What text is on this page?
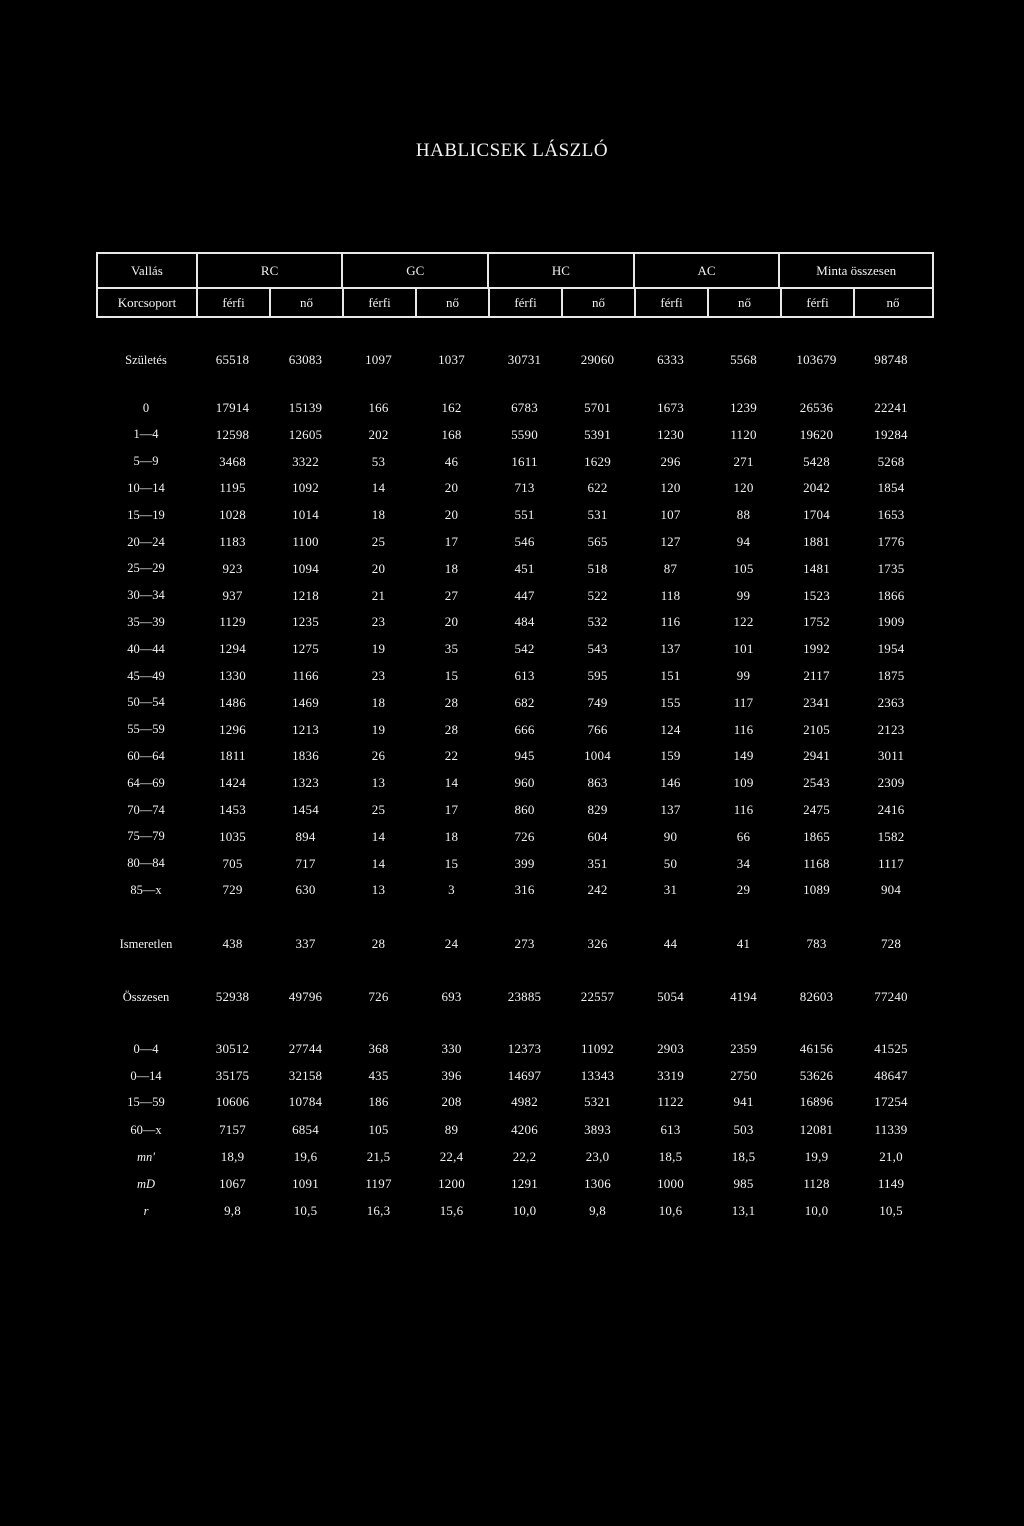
HABLICSEK LÁSZLÓ
Vallás	RC	GC	HC	AC	Minta összesen
Korcsoport	férfi	nő	férfi	nő	férfi	nő	férfi	nő	férfi	nő
Születés	65518	63083	1097	1037	30731	29060	6333	5568	103679	98748
0	17914	15139	166	162	6783	5701	1673	1239	26536	22241
1—4	12598	12605	202	168	5590	5391	1230	1120	19620	19284
5—9	3468	3322	53	46	1611	1629	296	271	5428	5268
10—14	1195	1092	14	20	713	622	120	120	2042	1854
15—19	1028	1014	18	20	551	531	107	88	1704	1653
20—24	1183	1100	25	17	546	565	127	94	1881	1776
25—29	923	1094	20	18	451	518	87	105	1481	1735
30—34	937	1218	21	27	447	522	118	99	1523	1866
35—39	1129	1235	23	20	484	532	116	122	1752	1909
40—44	1294	1275	19	35	542	543	137	101	1992	1954
45—49	1330	1166	23	15	613	595	151	99	2117	1875
50—54	1486	1469	18	28	682	749	155	117	2341	2363
55—59	1296	1213	19	28	666	766	124	116	2105	2123
60—64	1811	1836	26	22	945	1004	159	149	2941	3011
64—69	1424	1323	13	14	960	863	146	109	2543	2309
70—74	1453	1454	25	17	860	829	137	116	2475	2416
75—79	1035	894	14	18	726	604	90	66	1865	1582
80—84	705	717	14	15	399	351	50	34	1168	1117
85—x	729	630	13	3	316	242	31	29	1089	904
Ismeretlen	438	337	28	24	273	326	44	41	783	728
Összesen	52938	49796	726	693	23885	22557	5054	4194	82603	77240
0—4	30512	27744	368	330	12373	11092	2903	2359	46156	41525
0—14	35175	32158	435	396	14697	13343	3319	2750	53626	48647
15—59	10606	10784	186	208	4982	5321	1122	941	16896	17254
60—x	7157	6854	105	89	4206	3893	613	503	12081	11339
mn'	18,9	19,6	21,5	22,4	22,2	23,0	18,5	18,5	19,9	21,0
mD	1067	1091	1197	1200	1291	1306	1000	985	1128	1149
r	9,8	10,5	16,3	15,6	10,0	9,8	10,6	13,1	10,0	10,5
